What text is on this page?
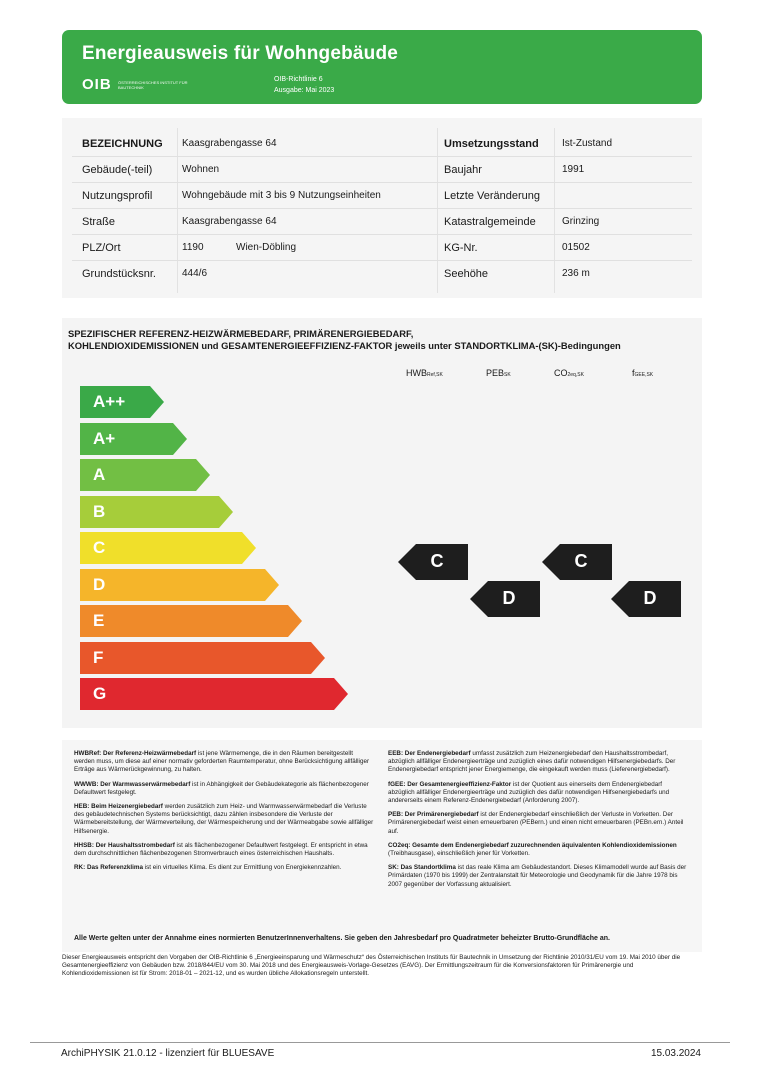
Energieausweis für Wohngebäude
OIB ÖSTERREICHISCHES INSTITUT FÜR BAUTECHNIK
OIB-Richtlinie 6
Ausgabe: Mai 2023
BEZEICHNUNG Kaasgrabengasse 64	Umsetzungsstand Ist-Zustand
Gebäude(-teil)	Wohnen	Baujahr	1991
Nutzungsprofil	Wohngebäude mit 3 bis 9 Nutzungseinheiten	Letzte Veränderung
Straße	Kaasgrabengasse 64	Katastralgemeinde	Grinzing
PLZ/Ort	1190	Wien-Döbling	KG-Nr.	01502
Grundstücksnr.	444/6	Seehöhe	236 m
SPEZIFISCHER REFERENZ-HEIZWÄRMEBEDARF, PRIMÄRENERGIEBEDARF,
KOHLENDIOXIDEMISSIONEN und GESAMTENERGIEEFFIZIENZ-FAKTOR jeweils unter STANDORTKLIMA-(SK)-Bedingungen
HWBRef,SK	PEBSK	CO2eq,SK	fGEE,SK
A++
A+
A
B
C
D
E
F
G
C
D
C
D

HWBRef: Der Referenz-Heizwärmebedarf ist jene Wärmemenge, die in den Räumen bereitgestellt werden muss, um diese auf einer normativ geforderten Raumtemperatur, ohne Berücksichtigung allfälliger Erträge aus Wärmerückgewinnung, zu halten.

WWWB: Der Warmwasserwärmebedarf ist in Abhängigkeit der Gebäudekategorie als flächenbezogener Defaultwert festgelegt.

HEB: Beim Heizenergiebedarf werden zusätzlich zum Heiz- und Warmwasserwärmebedarf die Verluste des gebäudetechnischen Systems berücksichtigt, dazu zählen insbesondere die Verluste der Wärmebereitstellung, der Wärmeverteilung, der Wärmespeicherung und der Wärmeabgabe sowie allfälliger Hilfsenergie.

HHSB: Der Haushaltsstrombedarf ist als flächenbezogener Defaultwert festgelegt. Er entspricht in etwa dem durchschnittlichen flächenbezogenen Stromverbrauch eines österreichischen Haushalts.

RK: Das Referenzklima ist ein virtuelles Klima. Es dient zur Ermittlung von Energiekennzahlen.

EEB: Der Endenergiebedarf umfasst zusätzlich zum Heizenergiebedarf den Haushaltsstrombedarf, abzüglich allfälliger Endenergieerträge und zuzüglich eines dafür notwendigen Hilfsenergiebedarfs. Der Endenergiebedarf entspricht jener Energiemenge, die eingekauft werden muss (Lieferenergiebedarf).

fGEE: Der Gesamtenergieeffizienz-Faktor ist der Quotient aus einerseits dem Endenergiebedarf abzüglich allfälliger Endenergieerträge und zuzüglich des dafür notwendigen Hilfsenergiebedarfs und andererseits einem Referenz-Endenergiebedarf (Anforderung 2007).

PEB: Der Primärenergiebedarf ist der Endenergiebedarf einschließlich der Verluste in Vorketten. Der Primärenergiebedarf weist einen erneuerbaren (PEBern.) und einen nicht erneuerbaren (PEBn.ern.) Anteil auf.

CO2eq: Gesamte dem Endenergiebedarf zuzurechnenden äquivalenten Kohlendioxidemissionen (Treibhausgase), einschließlich jener für Vorketten.

SK: Das Standortklima ist das reale Klima am Gebäudestandort. Dieses Klimamodell wurde auf Basis der Primärdaten (1970 bis 1999) der Zentralanstalt für Meteorologie und Geodynamik für die Jahre 1978 bis 2007 gegenüber der Vorfassung aktualisiert.

Alle Werte gelten unter der Annahme eines normierten BenutzerInnenverhaltens. Sie geben den Jahresbedarf pro Quadratmeter beheizter Brutto-Grundfläche an.
Dieser Energieausweis entspricht den Vorgaben der OIB-Richtlinie 6 „Energieeinsparung und Wärmeschutz“ des Österreichischen Instituts für Bautechnik in Umsetzung der Richtlinie 2010/31/EU vom 19. Mai 2010 über die Gesamtenergieeffizienz von Gebäuden bzw. 2018/844/EU vom 30. Mai 2018 und des Energieausweis-Vorlage-Gesetzes (EAVG). Der Ermittlungszeitraum für die Konversionsfaktoren für Primärenergie und Kohlendioxidemissionen ist für Strom: 2018-01 – 2021-12, und es wurden übliche Allokationsregeln unterstellt.
ArchiPHYSIK 21.0.12 - lizenziert für BLUESAVE	15.03.2024
